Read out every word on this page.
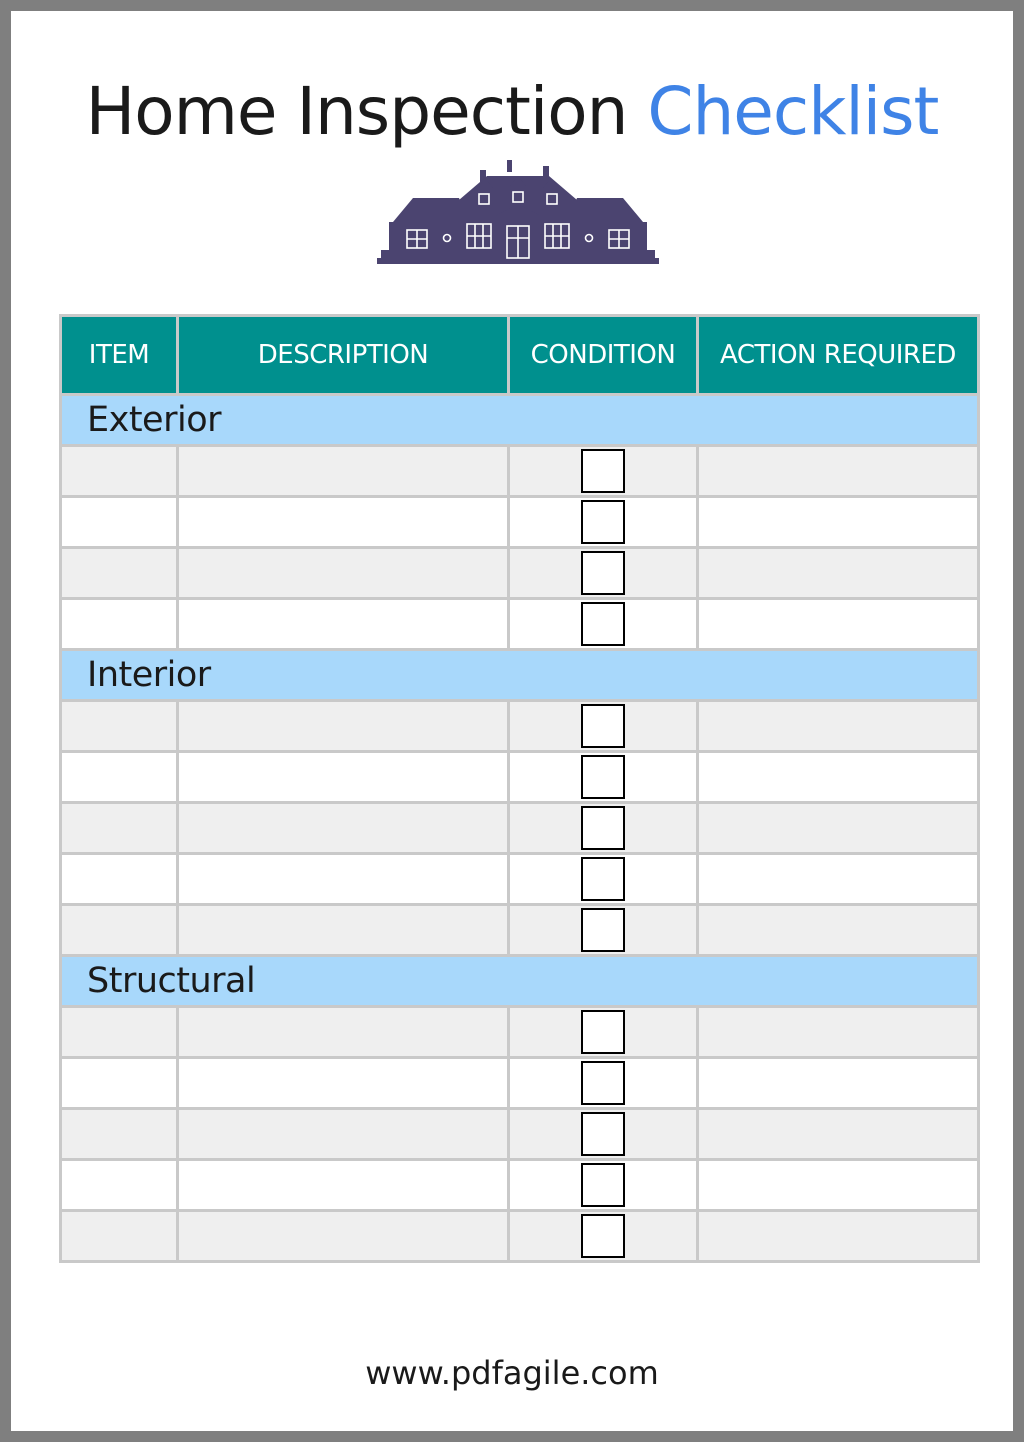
Home Inspection Checklist
ITEM	DESCRIPTION	CONDITION	ACTION REQUIRED
Exterior			

Interior			

Structural			

www.pdfagile.com
